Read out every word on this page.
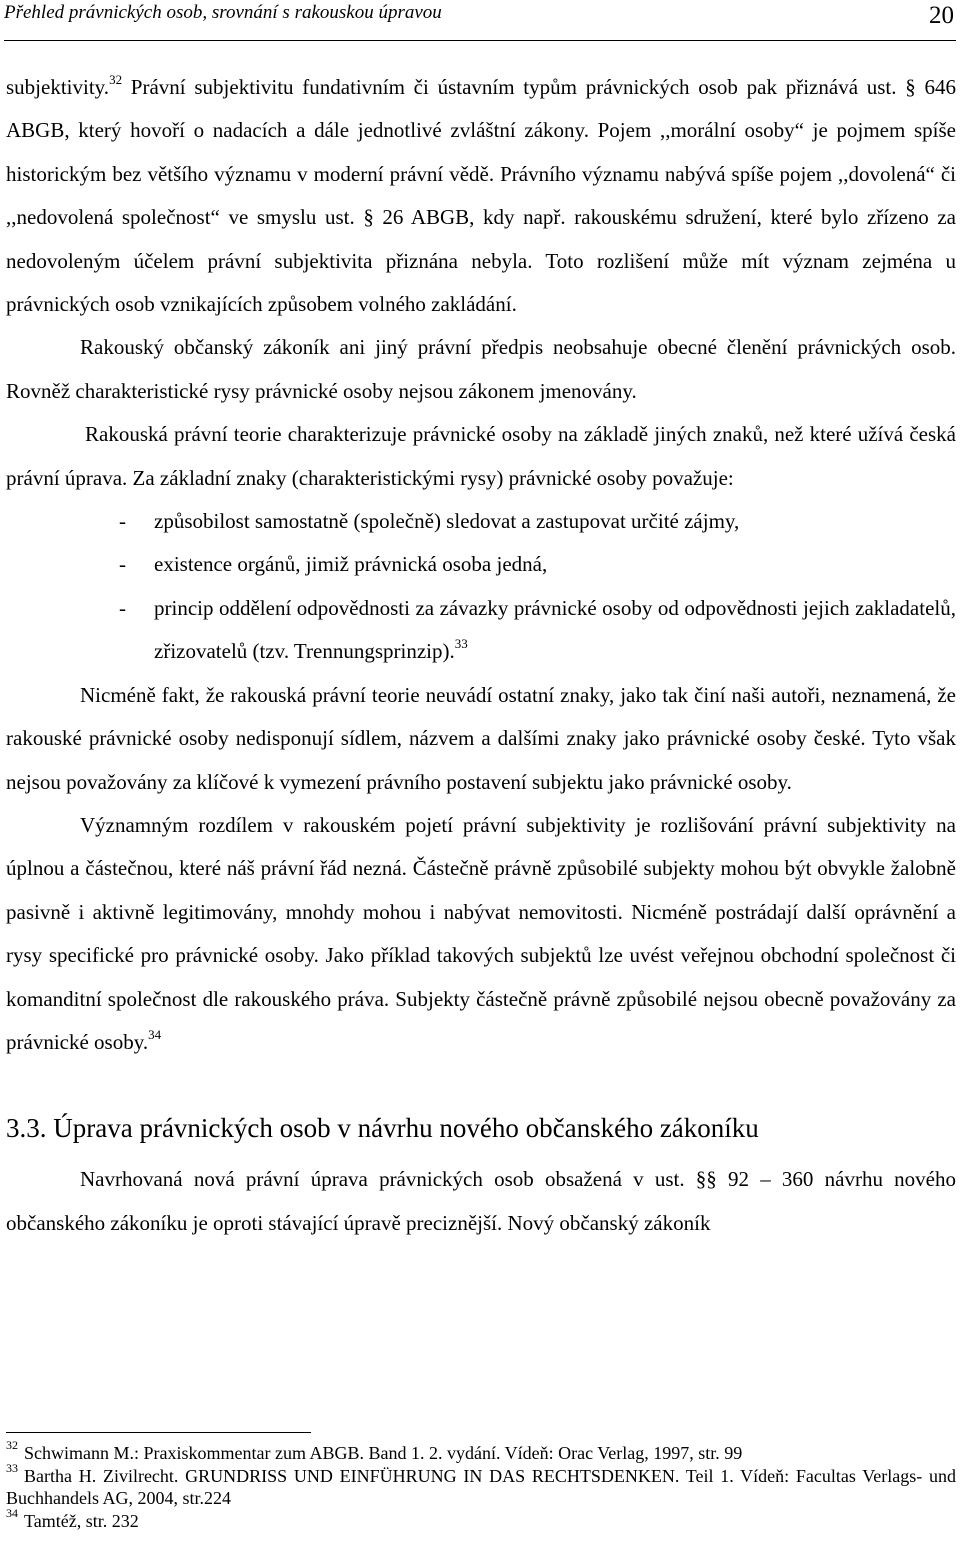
Přehled právnických osob, srovnání s rakouskou úpravou	20

subjektivity.$^{32}$ Právní subjektivitu fundativním či ústavním typům právnických osob pak přiznává ust. § 646 ABGB, který hovoří o nadacích a dále jednotlivé zvláštní zákony. Pojem ,,morální osoby“ je pojmem spíše historickým bez většího významu v moderní právní vědě. Právního významu nabývá spíše pojem ,,dovolená“ či ,,nedovolená společnost“ ve smyslu ust. § 26 ABGB, kdy např. rakouskému sdružení, které bylo zřízeno za nedovoleným účelem právní subjektivita přiznána nebyla. Toto rozlišení může mít význam zejména u právnických osob vznikajících způsobem volného zakládání.

Rakouský občanský zákoník ani jiný právní předpis neobsahuje obecné členění právnických osob. Rovněž charakteristické rysy právnické osoby nejsou zákonem jmenovány.

Rakouská právní teorie charakterizuje právnické osoby na základě jiných znaků, než které užívá česká právní úprava. Za základní znaky (charakteristickými rysy) právnické osoby považuje:

- způsobilost samostatně (společně) sledovat a zastupovat určité zájmy,
- existence orgánů, jimiž právnická osoba jedná,
- princip oddělení odpovědnosti za závazky právnické osoby od odpovědnosti jejich zakladatelů, zřizovatelů (tzv. Trennungsprinzip).$^{33}$

Nicméně fakt, že rakouská právní teorie neuvádí ostatní znaky, jako tak činí naši autoři, neznamená, že rakouské právnické osoby nedisponují sídlem, názvem a dalšími znaky jako právnické osoby české. Tyto však nejsou považovány za klíčové k vymezení právního postavení subjektu jako právnické osoby.

Významným rozdílem v rakouském pojetí právní subjektivity je rozlišování právní subjektivity na úplnou a částečnou, které náš právní řád nezná. Částečně právně způsobilé subjekty mohou být obvykle žalobně pasivně i aktivně legitimovány, mnohdy mohou i nabývat nemovitosti. Nicméně postrádají další oprávnění a rysy specifické pro právnické osoby. Jako příklad takových subjektů lze uvést veřejnou obchodní společnost či komanditní společnost dle rakouského práva. Subjekty částečně právně způsobilé nejsou obecně považovány za právnické osoby.$^{34}$

3.3. Úprava právnických osob v návrhu nového občanského zákoníku

Navrhovaná nová právní úprava právnických osob obsažená v ust. §§ 92 – 360 návrhu nového občanského zákoníku je oproti stávající úpravě preciznější. Nový občanský zákoník

$^{32}$ Schwimann M.: Praxiskommentar zum ABGB. Band 1. 2. vydání. Vídeň: Orac Verlag, 1997, str. 99

$^{33}$ Bartha H. Zivilrecht. GRUNDRISS UND EINFÜHRUNG IN DAS RECHTSDENKEN. Teil 1. Vídeň: Facultas Verlags- und Buchhandels AG, 2004, str.224

$^{34}$ Tamtéž, str. 232
